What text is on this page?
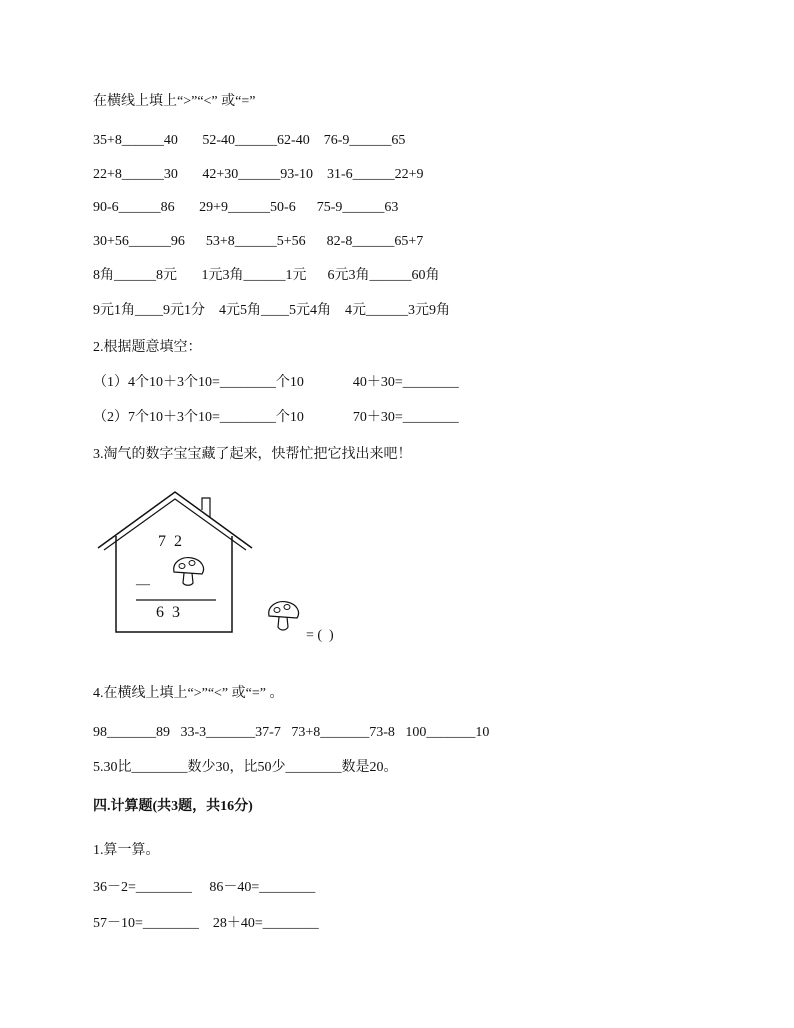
在横线上填上“>”“<” 或“=”
35+8______40       52-40______62-40    76-9______65
22+8______30       42+30______93-10    31-6______22+9
90-6______86       29+9______50-6      75-9______63
30+56______96      53+8______5+56      82-8______65+7
8角______8元       1元3角______1元      6元3角______60角
9元1角____9元1分    4元5角____5元4角    4元______3元9角
2.根据题意填空：
（1）4个10＋3个10=________个10              40＋30=________
（2）7个10＋3个10=________个10              70＋30=________
3.淘气的数字宝宝藏了起来，快帮忙把它找出来吧！
7  2
—
6  3
= (  )
4.在横线上填上“>”“<” 或“=” 。
98_______89   33-3_______37-7   73+8_______73-8   100_______10
5.30比________数少30，比50少________数是20。
四.计算题(共3题，共16分)
1.算一算。
36－2=________     86－40=________
57－10=________    28＋40=________
